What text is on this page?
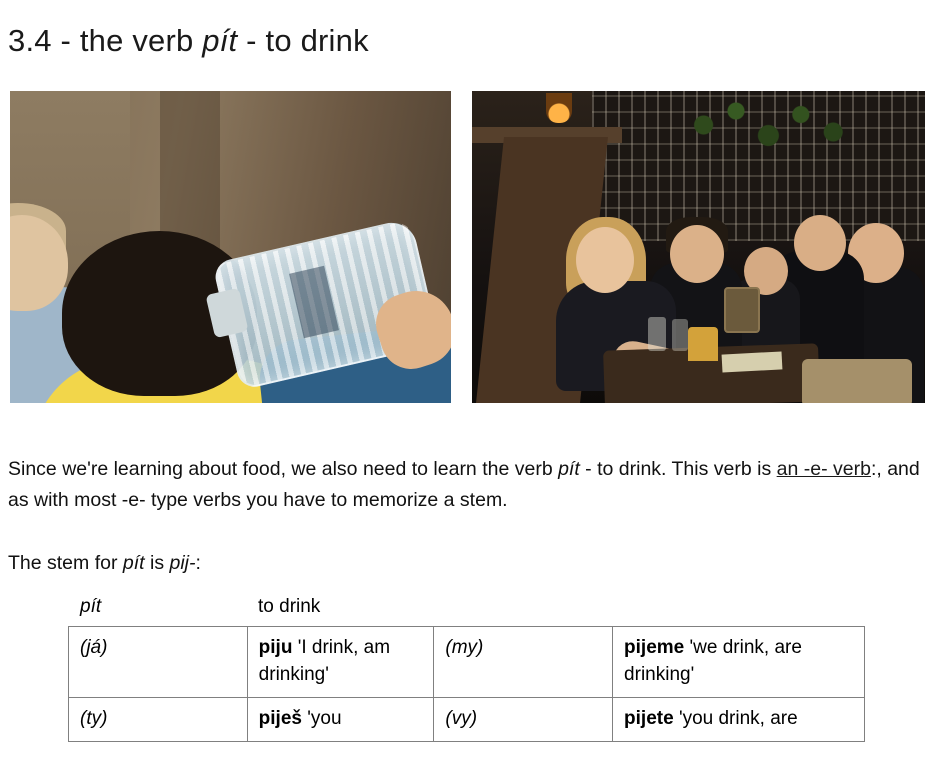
3.4 - the verb pít - to drink

Since we're learning about food, we also need to learn the verb pít - to drink. This verb is an -e- verb:, and as with most -e- type verbs you have to memorize a stem.

The stem for pít is pij-:

pít	to drink
(já)	piju 'I drink, am drinking'	(my)	pijeme 'we drink, are drinking'
(ty)	piješ 'you	(vy)	pijete 'you drink, are
